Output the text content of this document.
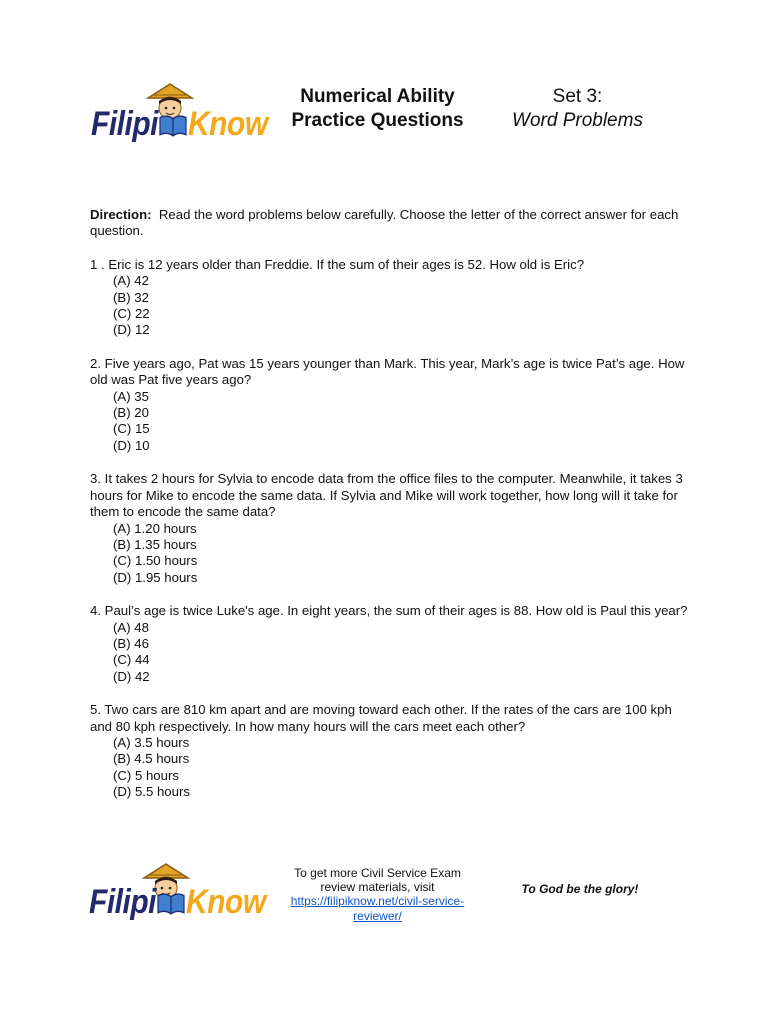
Filipi Know
Numerical Ability
Practice Questions
Set 3:
Word Problems

Direction: Read the word problems below carefully. Choose the letter of the correct answer for each question.

1 . Eric is 12 years older than Freddie. If the sum of their ages is 52. How old is Eric?

(A) 42
(B) 32
(C) 22
(D) 12

2. Five years ago, Pat was 15 years younger than Mark. This year, Mark’s age is twice Pat’s age. How old was Pat five years ago?

(A) 35
(B) 20
(C) 15
(D) 10

3. It takes 2 hours for Sylvia to encode data from the office files to the computer. Meanwhile, it takes 3 hours for Mike to encode the same data. If Sylvia and Mike will work together, how long will it take for them to encode the same data?

(A) 1.20 hours
(B) 1.35 hours
(C) 1.50 hours
(D) 1.95 hours

4. Paul’s age is twice Luke's age. In eight years, the sum of their ages is 88. How old is Paul this year?

(A) 48
(B) 46
(C) 44
(D) 42

5. Two cars are 810 km apart and are moving toward each other. If the rates of the cars are 100 kph and 80 kph respectively. In how many hours will the cars meet each other?

(A) 3.5 hours
(B) 4.5 hours
(C) 5 hours
(D) 5.5 hours
Filipi Know
To get more Civil Service Exam
review materials, visit
https://filipiknow.net/civil-service-reviewer/
To God be the glory!
